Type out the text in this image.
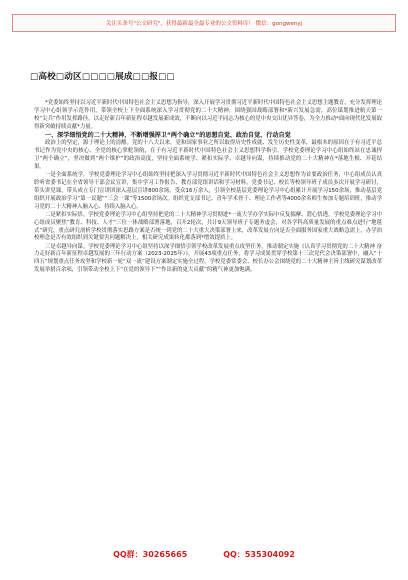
关注头条号"公文研究"，获得最新最全最专业的公文资料库！ 微信：gongwenyj
□高校□动区□□□□展成□□报□□

*党委始终坚持以习近平新时代中国特色社会主义思想为指导，深入开展学习贯彻习近平新时代中国特色社会主义思想主题教育，充分发挥理论学习中心组领学示范作用，带领全校上下全面系统深入学习贯彻党的二十大精神，围绕强国战略部署和*新兴发展急需，高位谋划推进航天第一校“尖兵”作用发挥路径，以走好新百年新征程卓越发展新成效，不断向以习近平同志为核心的党中央交出优异答卷，为全力推动*面向现代化发展取得新突破持续贡献*力量。

一、深学细悟党的二十大精神，不断增强捍卫“两个确立”的思想自觉、政治自觉、行动自觉

政治上的坚定，源于理论上的清醒。党的十八大以来，党和国家事业之所以取得历史性成就、发生历史性变革，最根本的原因在于有习近平总书记作为党中央的核心、全党的核心掌舵领航，在于有习近平新时代中国特色社会主义思想科学指引。学校党委理论学习中心组始终站在忠诚捍卫“两个确立”，坚决做到“两个维护”的政治高度，坚持全面系统学、紧扣实际学、卓越导向谋，持续推动党的二十大精神在*落地生根、开花结果。

一是全面系统学。学校党委理论学习中心组始终坚持把深入学习贯彻习近平新时代中国特色社会主义思想作为首要政治任务，中心组成员认真聆听省委书记在全省领导干部会议宣讲，集中学习工作报告、教育部党组讲话和学习材料，党委书记、校长等校领导班子成员多次开展学习研讨，带头讲党课，带头成立专门宣讲团深入基层宣讲800余场，受众16万余人，引领全校基层党委理论学习中心组累计开展学习150余场，推动基层党组织开展政治学习“第一议题”“三会一课”等1500余场次。组织党支部书记、青年学术骨干、理论工作者等4000余名师生参加专题培训班，推动学习党的二十大精神入脑入心、持续入脑入心。

二是紧扣实际悟。学校党委理论学习中心组坚持把党的二十大精神学习贯彻进*一流大学办学实际中反复揣摩、潜心悟透。学校党委理论学习中心组成员聚焦“教育、科技、人才”三位一体战略部署落地，召开2轮次，共计9天领导班子专题务虚会，对各学科高质量发展的重点难点进行“地毯式”研究，重点研究剖析学校贯彻落实思路方案是否统一到党的二十大重大决策部署上来，改革发展方向是否全面服务国家重大战略急需上，办学治校理念是否有效组织到关键要害问题解决上，相关研究成果转化都落到*增效提质上。

三是卓越导向谋。学校党委理论学习中心组坚持以深学细悟引领学校改革发展重点攻坚任务，推动制定实施《认真学习贯彻党的二十大精神 奋力走好新百年新征程卓越发展的三年行动方案（2023-2025年）》，开展43项重点任务，将学习成果贯穿学校第十三次党代会决策部署中，融入“十四五”规划重点任务攻坚和学校新一轮“双一流”建设方案制定实施全过程。学校党委常委会、校长办公会围绕党的二十大精神主旨主线研究谋划改革发展举措百余项，引领带动全校上下“在党的领导下”“作出新的更大贡献”的精气神更加饱满。

QQ群：30265665	QQ：535304092
